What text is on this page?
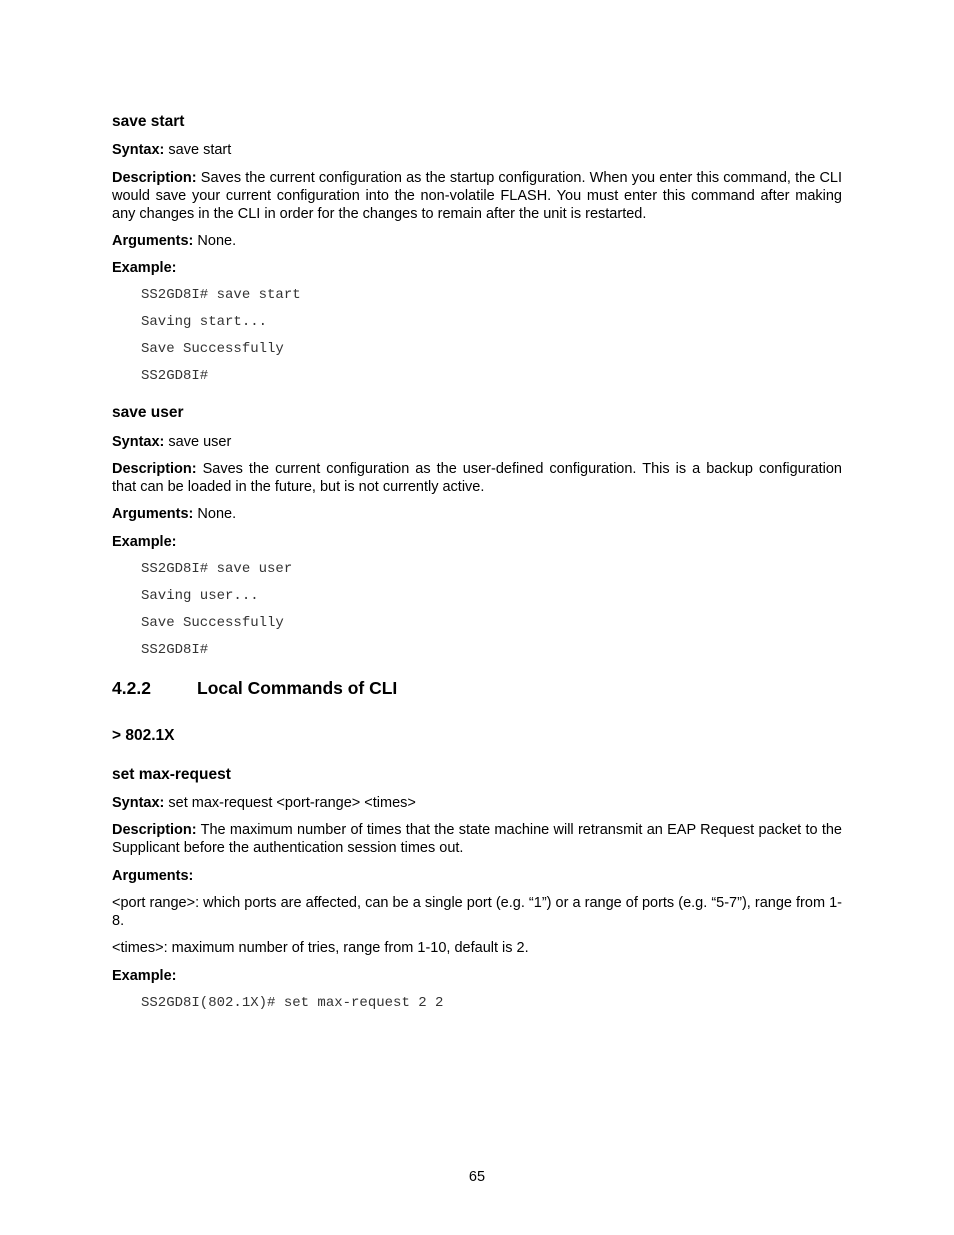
save start
Syntax: save start
Description: Saves the current configuration as the startup configuration. When you enter this command, the CLI would save your current configuration into the non-volatile FLASH. You must enter this command after making any changes in the CLI in order for the changes to remain after the unit is restarted.
Arguments: None.
Example:
SS2GD8I# save start
Saving start...
Save Successfully
SS2GD8I#
save user
Syntax: save user
Description: Saves the current configuration as the user-defined configuration. This is a backup configuration that can be loaded in the future, but is not currently active.
Arguments: None.
Example:
SS2GD8I# save user
Saving user...
Save Successfully
SS2GD8I#
4.2.2	Local Commands of CLI
> 802.1X
set max-request
Syntax: set max-request <port-range> <times>
Description: The maximum number of times that the state machine will retransmit an EAP Request packet to the Supplicant before the authentication session times out.
Arguments:
<port range>: which ports are affected, can be a single port (e.g. “1”) or a range of ports (e.g. “5-7”), range from 1-8.
<times>: maximum number of tries, range from 1-10, default is 2.
Example:
SS2GD8I(802.1X)# set max-request 2 2
65
